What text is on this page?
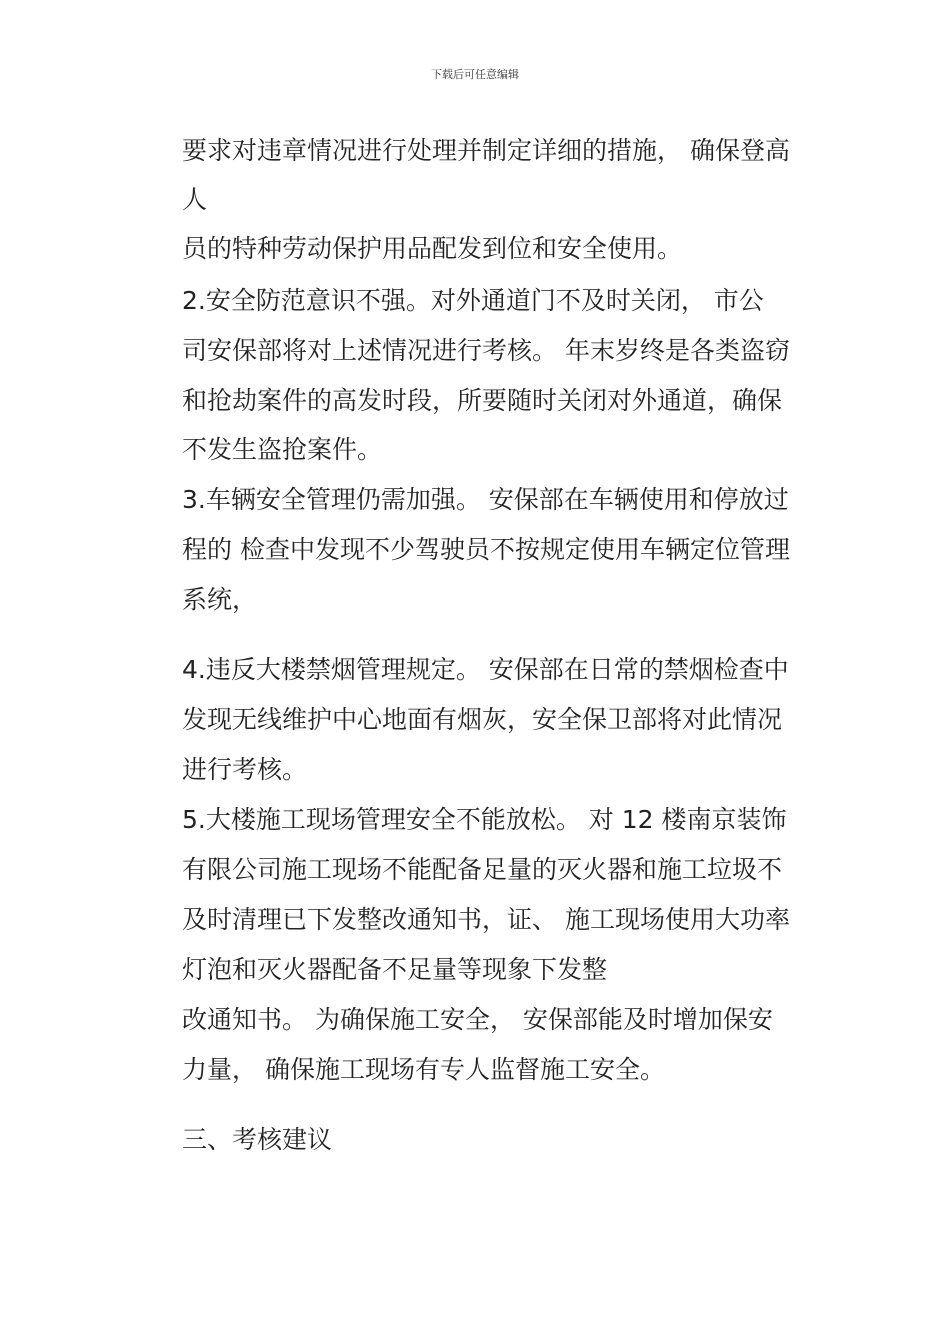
下载后可任意编辑
要求对违章情况进行处理并制定详细的措施， 确保登高
人
员的特种劳动保护用品配发到位和安全使用。
2.安全防范意识不强。对外通道门不及时关闭， 市公
司安保部将对上述情况进行考核。 年末岁终是各类盗窃
和抢劫案件的高发时段，所要随时关闭对外通道，确保
不发生盗抢案件。
3.车辆安全管理仍需加强。 安保部在车辆使用和停放过
程的 检查中发现不少驾驶员不按规定使用车辆定位管理
系统，
4.违反大楼禁烟管理规定。 安保部在日常的禁烟检查中
发现无线维护中心地面有烟灰，安全保卫部将对此情况
进行考核。
5.大楼施工现场管理安全不能放松。 对 12 楼南京装饰
有限公司施工现场不能配备足量的灭火器和施工垃圾不
及时清理已下发整改通知书，证、 施工现场使用大功率
灯泡和灭火器配备不足量等现象下发整
改通知书。 为确保施工安全， 安保部能及时增加保安
力量， 确保施工现场有专人监督施工安全。
三、考核建议
